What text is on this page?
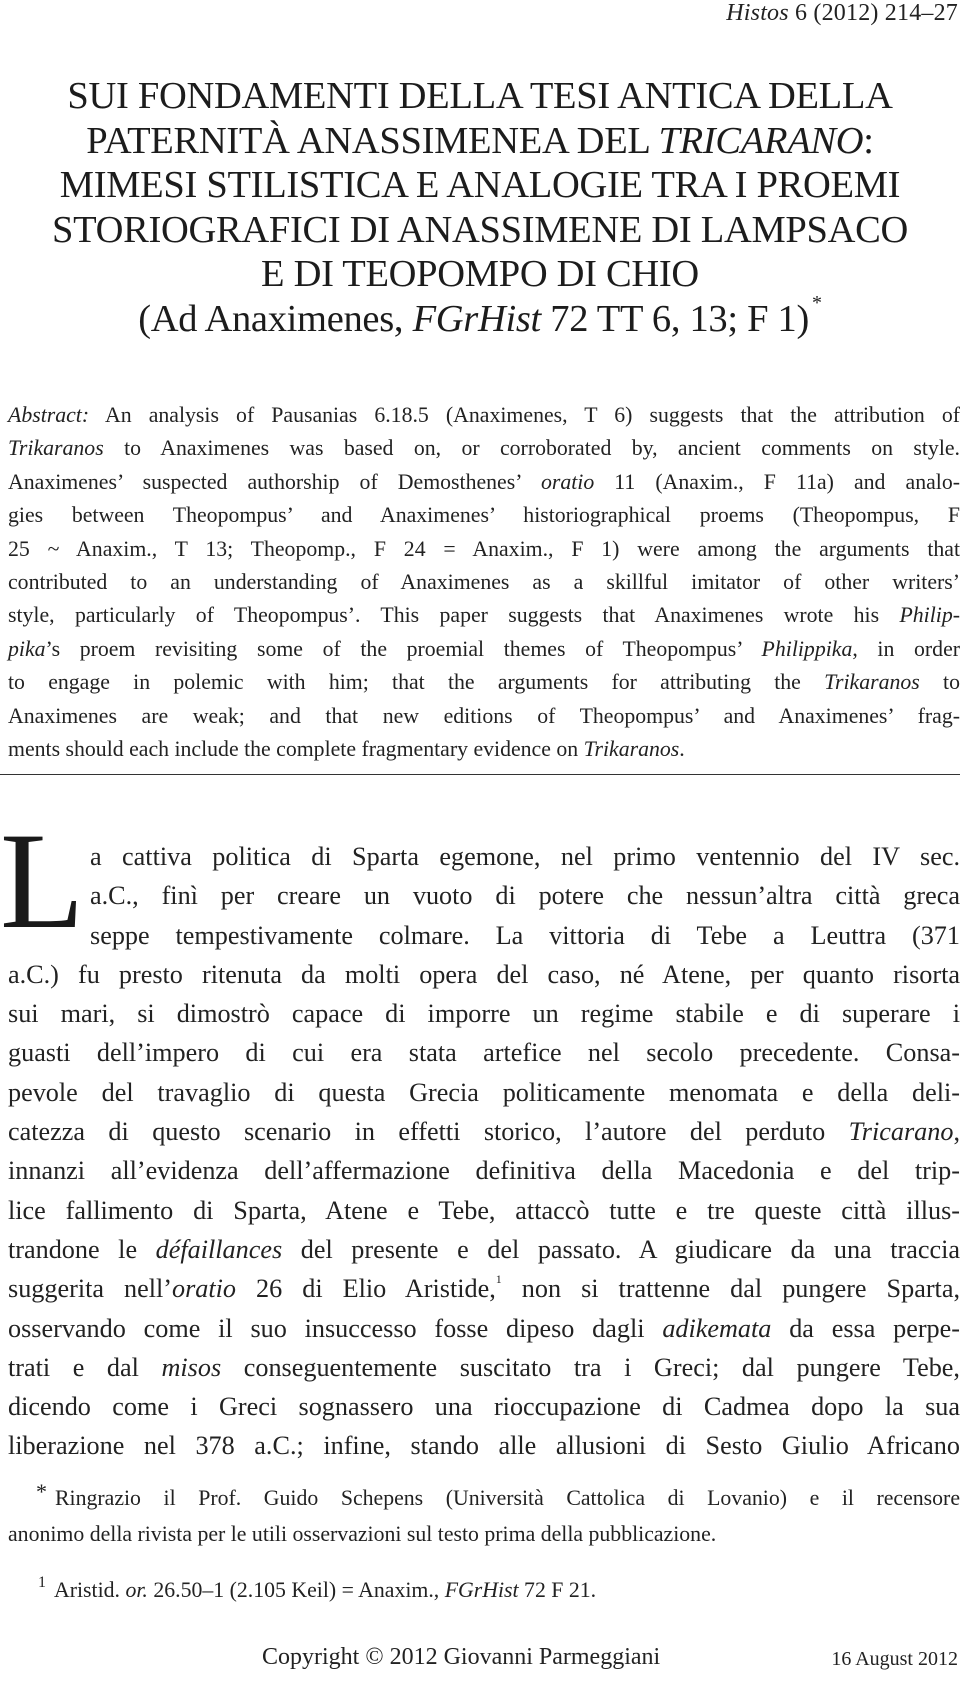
Histos 6 (2012) 214–27
SUI FONDAMENTI DELLA TESI ANTICA DELLA
PATERNITÀ ANASSIMENEA DEL TRICARANO:
MIMESI STILISTICA E ANALOGIE TRA I PROEMI
STORIOGRAFICI DI ANASSIMENE DI LAMPSACO
E DI TEOPOMPO DI CHIO
(Ad Anaximenes, FGrHist 72 TT 6, 13; F 1) *
Abstract: An analysis of Pausanias 6.18.5 (Anaximenes, T 6) suggests that the attribution of
Trikaranos to Anaximenes was based on, or corroborated by, ancient comments on style.
Anaximenes’ suspected authorship of Demosthenes’ oratio 11 (Anaxim., F 11a) and analo-
gies between Theopompus’ and Anaximenes’ historiographical proems (Theopompus, F
25 ~ Anaxim., T 13; Theopomp., F 24 = Anaxim., F 1) were among the arguments that
contributed to an understanding of Anaximenes as a skillful imitator of other writers’
style, particularly of Theopompus’. This paper suggests that Anaximenes wrote his Philip-
pika’s proem revisiting some of the proemial themes of Theopompus’ Philippika, in order
to engage in polemic with him; that the arguments for attributing the Trikaranos to
Anaximenes are weak; and that new editions of Theopompus’ and Anaximenes’ frag-
ments should each include the complete fragmentary evidence on Trikaranos.
L a cattiva politica di Sparta egemone, nel primo ventennio del IV sec.
a.C., finì per creare un vuoto di potere che nessun’altra città greca
seppe tempestivamente colmare. La vittoria di Tebe a Leuttra (371
a.C.) fu presto ritenuta da molti opera del caso, né Atene, per quanto risorta
sui mari, si dimostrò capace di imporre un regime stabile e di superare i
guasti dell’impero di cui era stata artefice nel secolo precedente. Consa-
pevole del travaglio di questa Grecia politicamente menomata e della deli-
catezza di questo scenario in effetti storico, l’autore del perduto Tricarano,
innanzi all’evidenza dell’affermazione definitiva della Macedonia e del trip-
lice fallimento di Sparta, Atene e Tebe, attaccò tutte e tre queste città illus-
trandone le défaillances del presente e del passato. A giudicare da una traccia
suggerita nell’oratio 26 di Elio Aristide,$^1$ non si trattenne dal pungere Sparta,
osservando come il suo insuccesso fosse dipeso dagli adikemata da essa perpe-
trati e dal misos conseguentemente suscitato tra i Greci; dal pungere Tebe,
dicendo come i Greci sognassero una rioccupazione di Cadmea dopo la sua
liberazione nel 378 a.C.; infine, stando alle allusioni di Sesto Giulio Africano
* Ringrazio il Prof. Guido Schepens (Università Cattolica di Lovanio) e il recensore
anonimo della rivista per le utili osservazioni sul testo prima della pubblicazione.
$^1$ Aristid. or. 26.50–1 (2.105 Keil) = Anaxim., FGrHist 72 F 21.
Copyright © 2012 Giovanni Parmeggiani	16 August 2012
